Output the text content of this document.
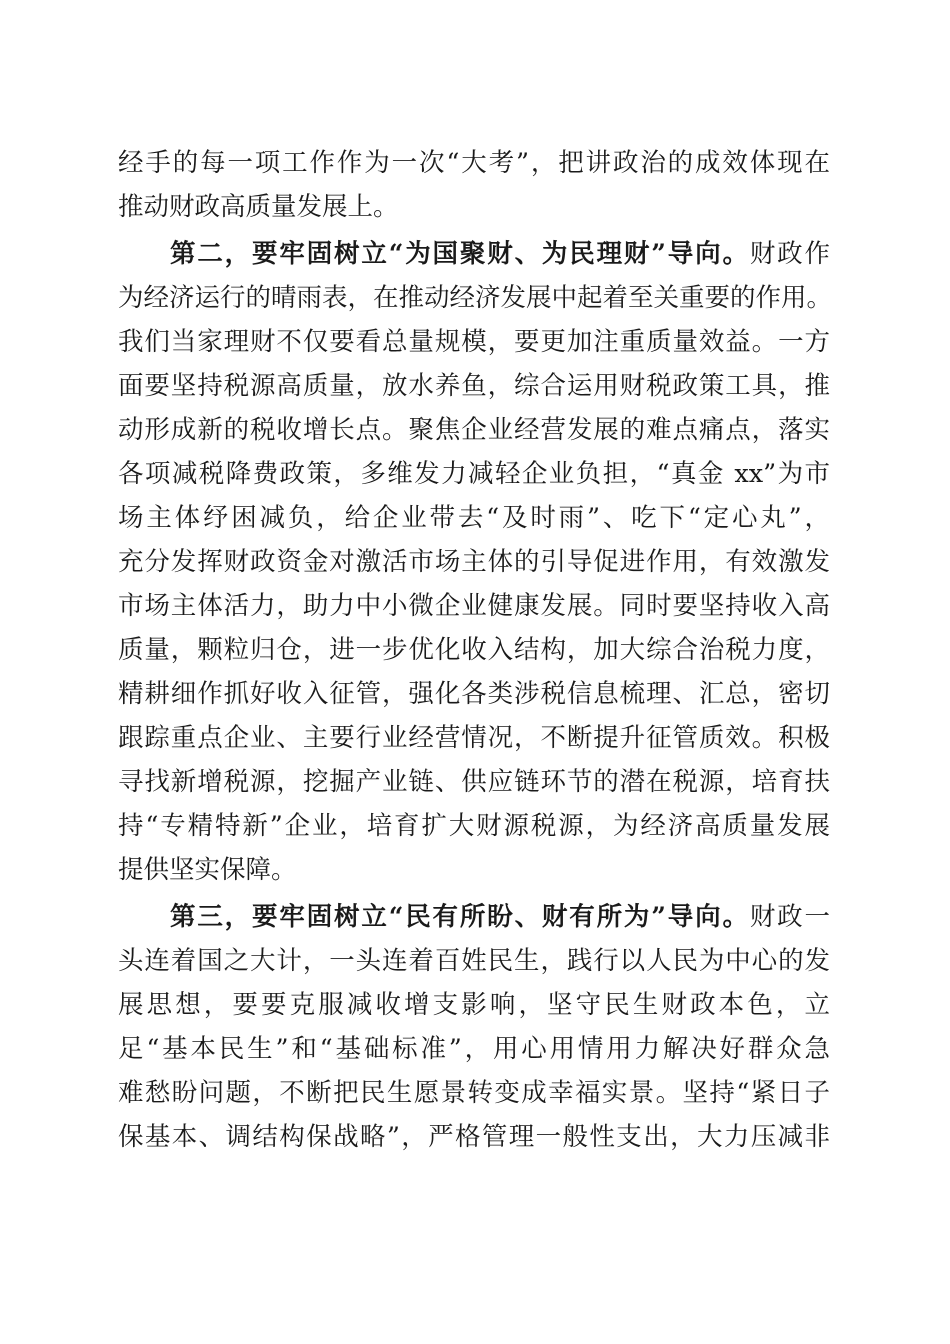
经手的每一项工作作为一次“大考”，把讲政治的成效体现在
推动财政高质量发展上。
第二，要牢固树立“为国聚财、为民理财”导向。财政作
为经济运行的晴雨表，在推动经济发展中起着至关重要的作用。
我们当家理财不仅要看总量规模，要更加注重质量效益。一方
面要坚持税源高质量，放水养鱼，综合运用财税政策工具，推
动形成新的税收增长点。聚焦企业经营发展的难点痛点，落实
各项减税降费政策，多维发力减轻企业负担，“真金 xx”为市
场主体纾困减负，给企业带去“及时雨”、吃下“定心丸”，
充分发挥财政资金对激活市场主体的引导促进作用，有效激发
市场主体活力，助力中小微企业健康发展。同时要坚持收入高
质量，颗粒归仓，进一步优化收入结构，加大综合治税力度，
精耕细作抓好收入征管，强化各类涉税信息梳理、汇总，密切
跟踪重点企业、主要行业经营情况，不断提升征管质效。积极
寻找新增税源，挖掘产业链、供应链环节的潜在税源，培育扶
持“专精特新”企业，培育扩大财源税源，为经济高质量发展
提供坚实保障。
第三，要牢固树立“民有所盼、财有所为”导向。财政一
头连着国之大计，一头连着百姓民生，践行以人民为中心的发
展思想，要要克服减收增支影响，坚守民生财政本色，立
足“基本民生”和“基础标准”，用心用情用力解决好群众急
难愁盼问题，不断把民生愿景转变成幸福实景。坚持“紧日子
保基本、调结构保战略”，严格管理一般性支出，大力压减非
